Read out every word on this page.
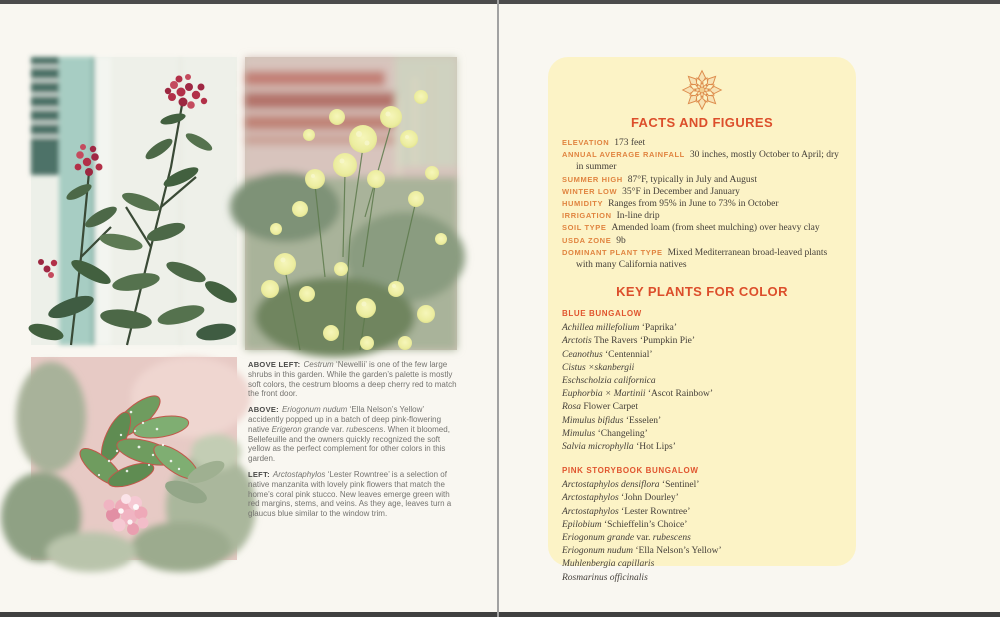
ABOVE LEFT: Cestrum ‘Newellii’ is one of the few large shrubs in this garden. While the garden’s palette is mostly soft colors, the cestrum blooms a deep cherry red to match the front door.

ABOVE: Eriogonum nudum ‘Ella Nelson’s Yellow’ accidently popped up in a batch of deep pink-flowering native Erigeron grande var. rubescens. When it bloomed, Bellefeuille and the owners quickly recognized the soft yellow as the perfect complement for other colors in this garden.

LEFT: Arctostaphylos ‘Lester Rowntree’ is a selection of native manzanita with lovely pink flowers that match the home’s coral pink stucco. New leaves emerge green with red margins, stems, and veins. As they age, leaves turn a glaucus blue similar to the window trim.

FACTS AND FIGURES
ELEVATION 173 feet
ANNUAL AVERAGE RAINFALL 30 inches, mostly October to April; dry in summer
SUMMER HIGH 87°F, typically in July and August
WINTER LOW 35°F in December and January
HUMIDITY Ranges from 95% in June to 73% in October
IRRIGATION In-line drip
SOIL TYPE Amended loam (from sheet mulching) over heavy clay
USDA ZONE 9b
DOMINANT PLANT TYPE Mixed Mediterranean broad-leaved plants with many California natives
KEY PLANTS FOR COLOR
BLUE BUNGALOW
Achillea millefolium ‘Paprika’
Arctotis The Ravers ‘Pumpkin Pie’
Ceanothus ‘Centennial’
Cistus ×skanbergii
Eschscholzia californica
Euphorbia × Martinii ‘Ascot Rainbow’
Rosa Flower Carpet
Mimulus bifidus ‘Esselen’
Mimulus ‘Changeling’
Salvia microphylla ‘Hot Lips’
PINK STORYBOOK BUNGALOW
Arctostaphylos densiflora ‘Sentinel’
Arctostaphylos ‘John Dourley’
Arctostaphylos ‘Lester Rowntree’
Epilobium ‘Schieffelin’s Choice’
Eriogonum grande var. rubescens
Eriogonum nudum ‘Ella Nelson’s Yellow’
Muhlenbergia capillaris
Rosmarinus officinalis
